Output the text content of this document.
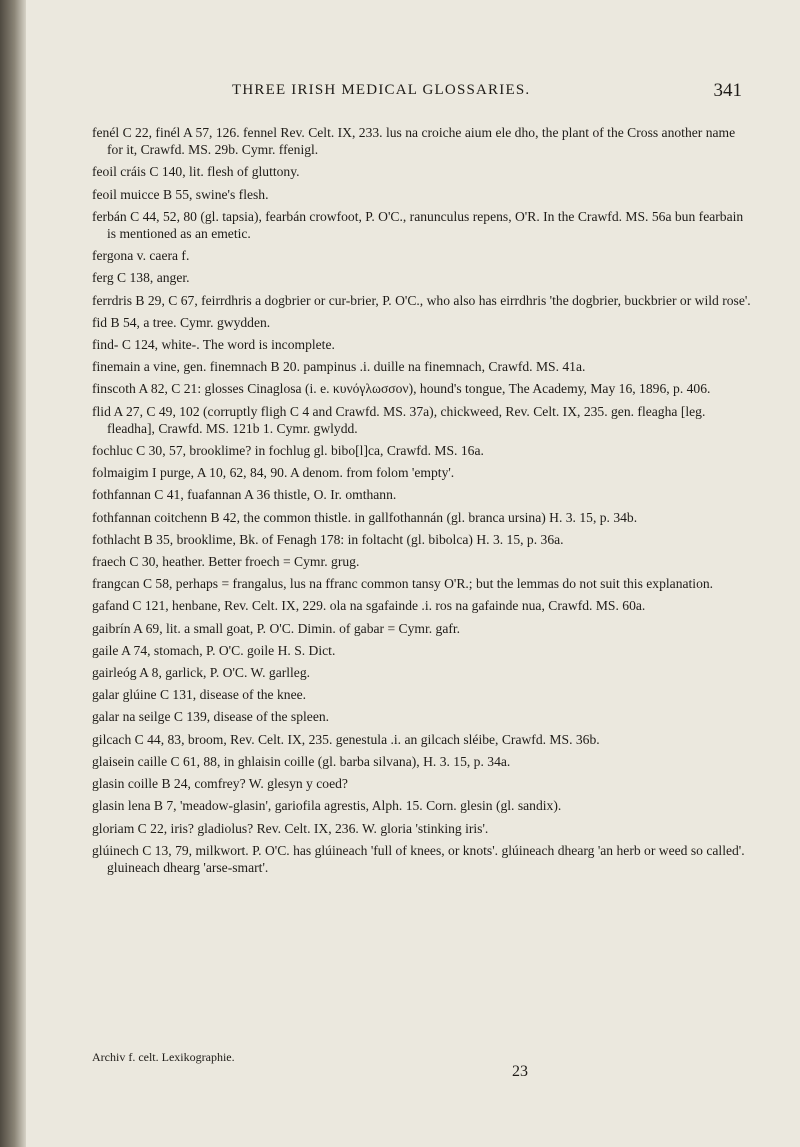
THREE IRISH MEDICAL GLOSSARIES.	341

fenél C 22, finél A 57, 126. fennel Rev. Celt. IX, 233. lus na croiche aium ele dho, the plant of the Cross another name for it, Crawfd. MS. 29b. Cymr. ffenigl.

feoil cráis C 140, lit. flesh of gluttony.

feoil muicce B 55, swine's flesh.

ferbán C 44, 52, 80 (gl. tapsia), fearbán crowfoot, P. O'C., ranunculus repens, O'R. In the Crawfd. MS. 56a bun fearbain is mentioned as an emetic.

fergona v. caera f.

ferg C 138, anger.

ferrdris B 29, C 67, feirrdhris a dogbrier or cur-brier, P. O'C., who also has eirrdhris 'the dogbrier, buckbrier or wild rose'.

fid B 54, a tree. Cymr. gwydden.

find- C 124, white-. The word is incomplete.

finemain a vine, gen. finemnach B 20. pampinus .i. duille na finemnach, Crawfd. MS. 41a.

finscoth A 82, C 21: glosses Cinaglosa (i. e. κυνόγλωσσον), hound's tongue, The Academy, May 16, 1896, p. 406.

flid A 27, C 49, 102 (corruptly fligh C 4 and Crawfd. MS. 37a), chickweed, Rev. Celt. IX, 235. gen. fleagha [leg. fleadha], Crawfd. MS. 121b 1. Cymr. gwlydd.

fochluc C 30, 57, brooklime? in fochlug gl. bibo[l]ca, Crawfd. MS. 16a.

folmaigim I purge, A 10, 62, 84, 90. A denom. from folom 'empty'.

fothfannan C 41, fuafannan A 36 thistle, O. Ir. omthann.

fothfannan coitchenn B 42, the common thistle. in gallfothannán (gl. branca ursina) H. 3. 15, p. 34b.

fothlacht B 35, brooklime, Bk. of Fenagh 178: in foltacht (gl. bibolca) H. 3. 15, p. 36a.

fraech C 30, heather. Better froech = Cymr. grug.

frangcan C 58, perhaps = frangalus, lus na ffranc common tansy O'R.; but the lemmas do not suit this explanation.

gafand C 121, henbane, Rev. Celt. IX, 229. ola na sgafainde .i. ros na gafainde nua, Crawfd. MS. 60a.

gaibrín A 69, lit. a small goat, P. O'C. Dimin. of gabar = Cymr. gafr.

gaile A 74, stomach, P. O'C. goile H. S. Dict.

gairleóg A 8, garlick, P. O'C. W. garlleg.

galar glúine C 131, disease of the knee.

galar na seilge C 139, disease of the spleen.

gilcach C 44, 83, broom, Rev. Celt. IX, 235. genestula .i. an gilcach sléibe, Crawfd. MS. 36b.

glaisein caille C 61, 88, in ghlaisin coille (gl. barba silvana), H. 3. 15, p. 34a.

glasin coille B 24, comfrey? W. glesyn y coed?

glasin lena B 7, 'meadow-glasin', gariofila agrestis, Alph. 15. Corn. glesin (gl. sandix).

gloriam C 22, iris? gladiolus? Rev. Celt. IX, 236. W. gloria 'stinking iris'.

glúinech C 13, 79, milkwort. P. O'C. has glúineach 'full of knees, or knots'. glúineach dhearg 'an herb or weed so called'. gluineach dhearg 'arse-smart'.

Archiv f. celt. Lexikographie.
23
